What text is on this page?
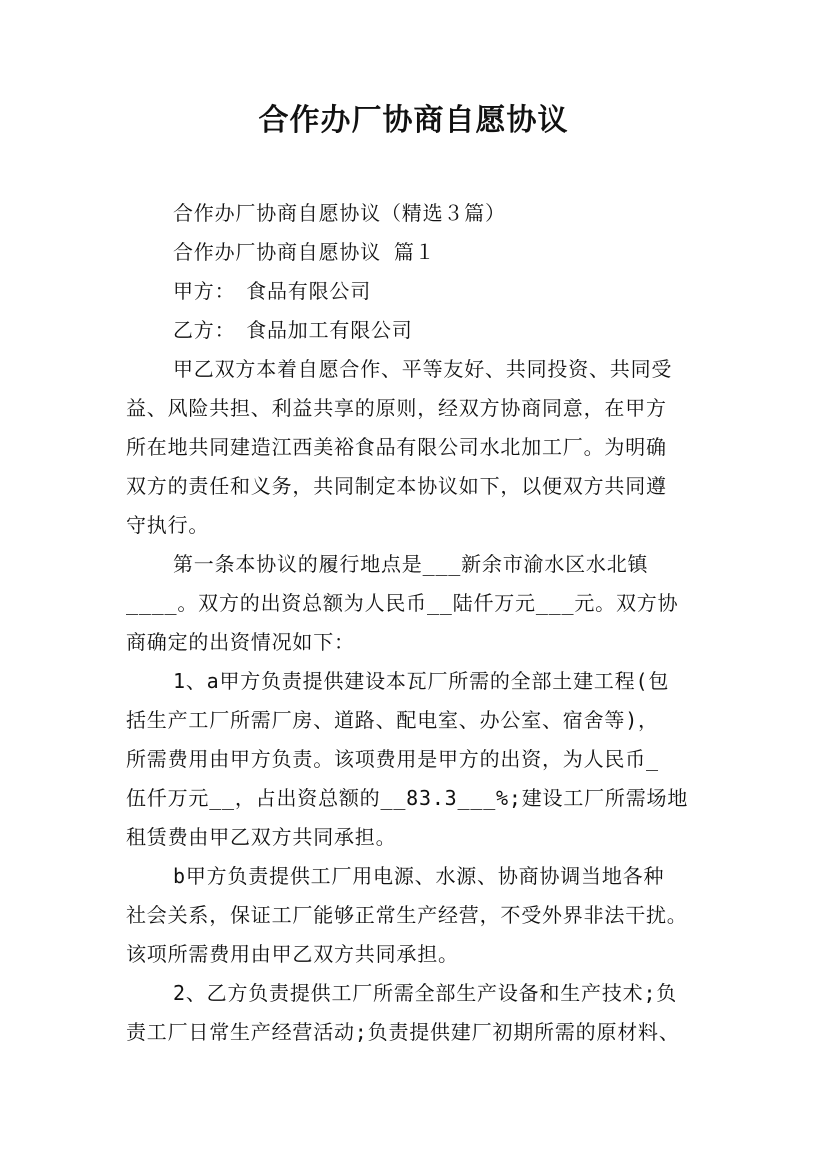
合作办厂协商自愿协议

合作办厂协商自愿协议（精选３篇）

合作办厂协商自愿协议 篇１

甲方：　食品有限公司

乙方：　食品加工有限公司

甲乙双方本着自愿合作、平等友好、共同投资、共同受

益、风险共担、利益共享的原则，经双方协商同意，在甲方

所在地共同建造江西美裕食品有限公司水北加工厂。为明确

双方的责任和义务，共同制定本协议如下，以便双方共同遵

守执行。

第一条本协议的履行地点是___新余市渝水区水北镇

____。双方的出资总额为人民币__陆仟万元___元。双方协

商确定的出资情况如下：

1、a甲方负责提供建设本瓦厂所需的全部土建工程(包

括生产工厂所需厂房、道路、配电室、办公室、宿舍等)，

所需费用由甲方负责。该项费用是甲方的出资，为人民币_

伍仟万元__，占出资总额的__83.3___%;建设工厂所需场地

租赁费由甲乙双方共同承担。

b甲方负责提供工厂用电源、水源、协商协调当地各种

社会关系，保证工厂能够正常生产经营，不受外界非法干扰。

该项所需费用由甲乙双方共同承担。

2、乙方负责提供工厂所需全部生产设备和生产技术;负

责工厂日常生产经营活动;负责提供建厂初期所需的原材料、
